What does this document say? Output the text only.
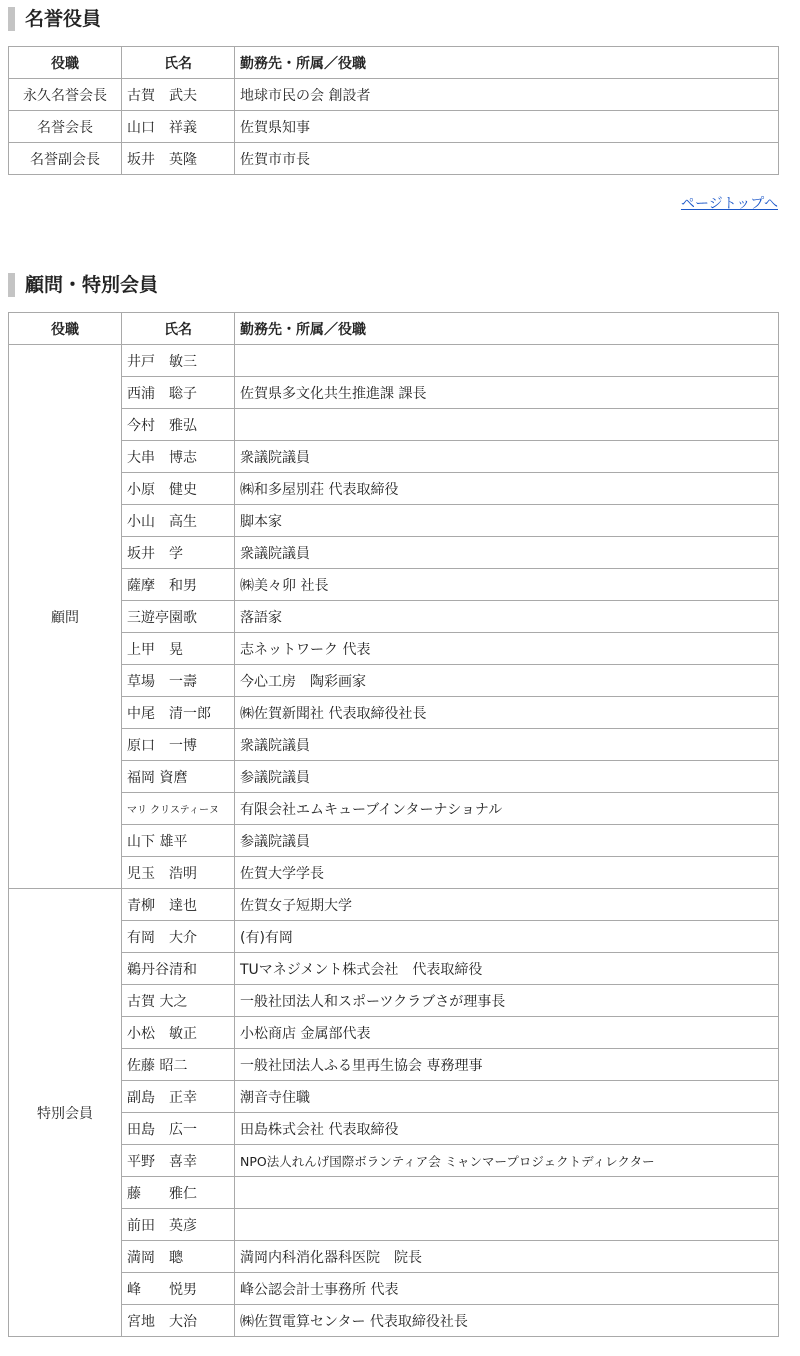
名誉役員
役職	氏名	勤務先・所属／役職
永久名誉会長	古賀　武夫	地球市民の会 創設者
名誉会長	山口　祥義	佐賀県知事
名誉副会長	坂井　英隆	佐賀市市長
ページトップへ
顧問・特別会員
役職	氏名	勤務先・所属／役職
顧問	井戸　敏三	
	西浦　聡子	佐賀県多文化共生推進課 課長
	今村　雅弘	
	大串　博志	衆議院議員
	小原　健史	㈱和多屋別荘 代表取締役
	小山　高生	脚本家
	坂井　学	衆議院議員
	薩摩　和男	㈱美々卯 社長
	三遊亭園歌	落語家
	上甲　晃	志ネットワーク 代表
	草場　一壽	今心工房　陶彩画家
	中尾　清一郎	㈱佐賀新聞社 代表取締役社長
	原口　一博	衆議院議員
	福岡 資麿	参議院議員
	マリ クリスティーヌ	有限会社エムキューブインターナショナル
	山下 雄平	参議院議員
	児玉　浩明	佐賀大学学長
特別会員	青柳　達也	佐賀女子短期大学
	有岡　大介	(有)有岡
	鵜丹谷清和	TUマネジメント株式会社　代表取締役
	古賀 大之	一般社団法人和スポーツクラブさが理事長
	小松　敏正	小松商店 金属部代表
	佐藤 昭二	一般社団法人ふる里再生協会 専務理事
	副島　正幸	潮音寺住職
	田島　広一	田島株式会社 代表取締役
	平野　喜幸	NPO法人れんげ国際ボランティア会 ミャンマープロジェクトディレクター
	藤　　雅仁	
	前田　英彦	
	満岡　聰	満岡内科消化器科医院　院長
	峰　　悦男	峰公認会計士事務所 代表
	宮地　大治	㈱佐賀電算センター 代表取締役社長
